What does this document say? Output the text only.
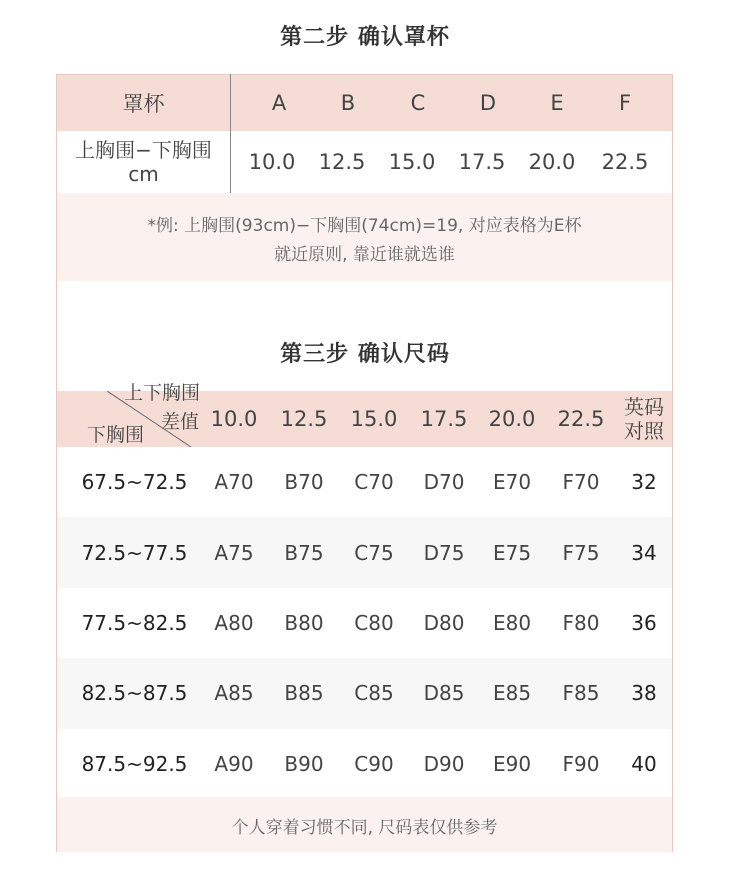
第二步 确认罩杯
罩杯	A	B	C	D	E	F
上胸围−下胸围
cm	10.0	12.5	15.0	17.5	20.0	22.5
*例: 上胸围(93cm)−下胸围(74cm)=19, 对应表格为E杯
就近原则, 靠近谁就选谁
第三步 确认尺码
上下胸围
差值
下胸围
10.0	12.5	15.0	17.5	20.0	22.5 英码
对照
67.5~72.5	A70	B70	C70	D70	E70	F70	32
72.5~77.5	A75	B75	C75	D75	E75	F75	34
77.5~82.5	A80	B80	C80	D80	E80	F80	36
82.5~87.5	A85	B85	C85	D85	E85	F85	38
87.5~92.5	A90	B90	C90	D90	E90	F90	40
个人穿着习惯不同, 尺码表仅供参考
